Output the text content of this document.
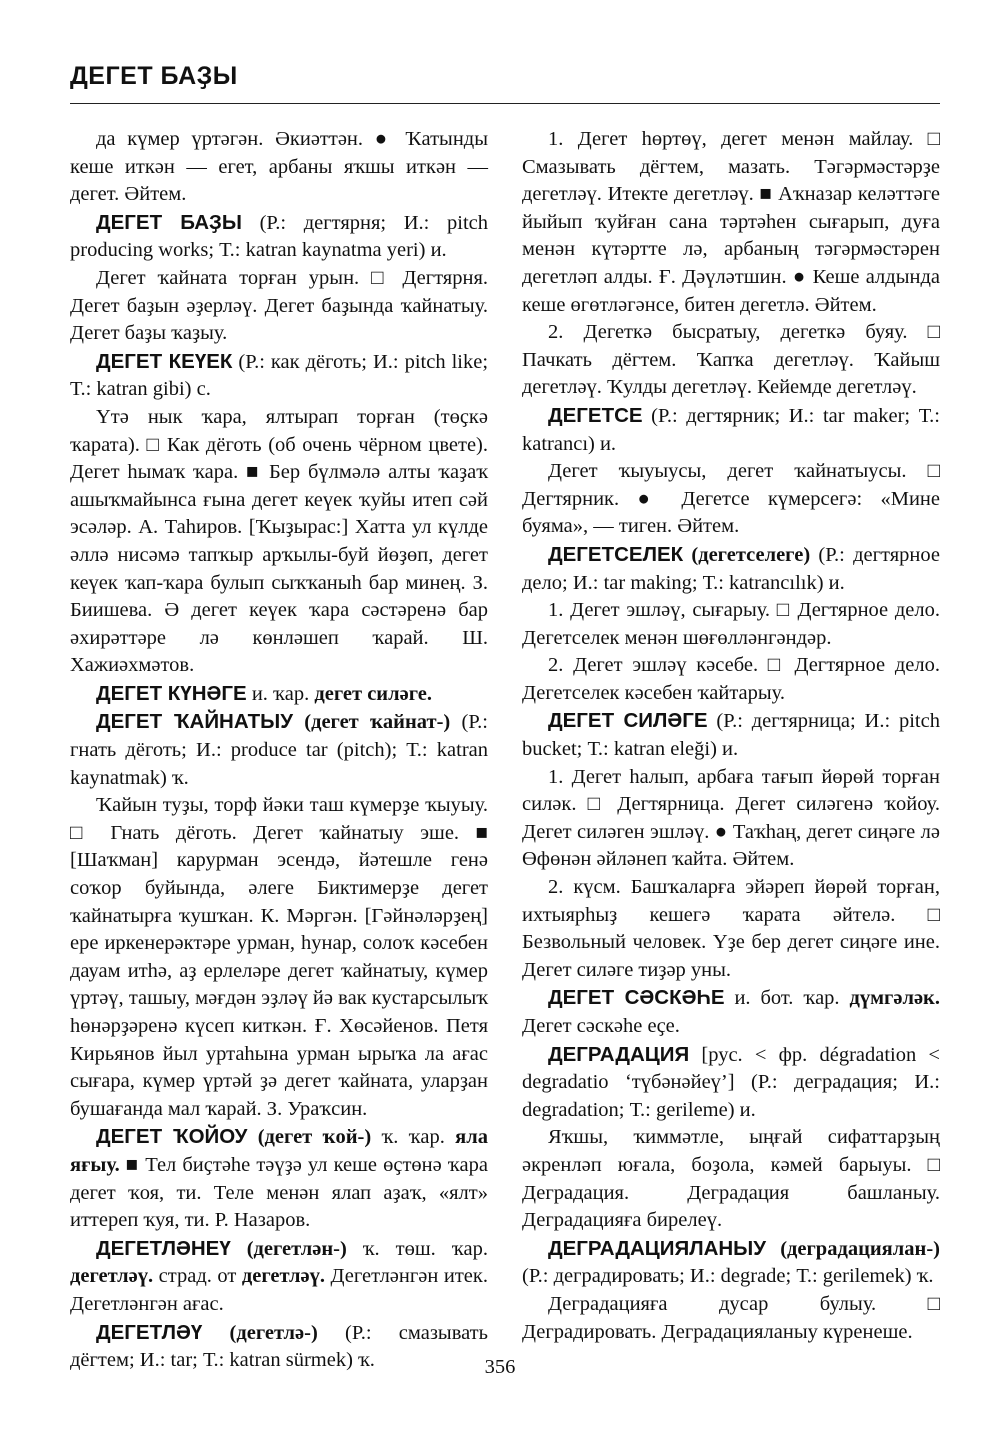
ДЕГЕТ БАҘЫ

да күмер үртәгән. Әкиәттән. ● Ҡатынды кеше иткән — егет, арбаны яҡшы иткән — дегет. Әйтем.

ДЕГЕТ БАҘЫ (Р.: дегтярня; И.: pitch producing works; Т.: katran kaynatma yeri) и.

Дегет ҡайната торған урын. □ Дегтярня. Дегет баҙын әҙерләү. Дегет баҙында ҡайнатыу. Дегет баҙы ҡаҙыу.

ДЕГЕТ КЕҮЕК (Р.: как дёготь; И.: pitch like; Т.: katran gibi) с.

Үтә нык ҡара, ялтырап торған (төҫкә ҡарата). □ Как дёготь (об очень чёрном цвете). Дегет һымаҡ ҡара. ■ Бер бүлмәлә алты ҡаҙаҡ ашыҡмайынса ғына дегет кеүек ҡуйы итеп сәй эсәләр. А. Таһиров. [Ҡыҙырас:] Хатта ул күлде әллә нисәмә тапҡыр арҡылы-буй йөҙөп, дегет кеүек ҡап-ҡара булып сыҡҡаныһ бар минең. З. Биишева. Ә дегет кеүек ҡара сәстәренә бар әхирәттәре лә көнләшеп ҡарай. Ш. Хажиәхмәтов.

ДЕГЕТ КҮНӘГЕ и. ҡар. дегет силәге.

ДЕГЕТ ҠАЙНАТЫУ (дегет ҡайнат-) (Р.: гнать дёготь; И.: produce tar (pitch); Т.: katran kaynatmak) ҡ.

Ҡайын туҙы, торф йәки таш күмерҙе ҡыуыу. □ Гнать дёготь. Дегет ҡайнатыу эше. ■ [Шаҡман] карурман эсендә, йәтешле генә соҡор буйында, әлеге Биктимерҙе дегет ҡайнатырға ҡушҡан. К. Мәргән. [Гәйнәләрҙең] ере иркенерәктәре урман, һунар, солоҡ кәсебен дауам итһә, аҙ ерлеләре дегет ҡайнатыу, күмер үртәү, ташыу, мәғдән эҙләү йә вак кустарсылыҡ һөнәрҙәренә күсеп киткән. Ғ. Хөсәйенов. Петя Кирьянов йыл уртаһына урман ырыҡа ла ағас сығара, күмер үртәй ҙә дегет ҡайната, уларҙан бушағанда мал ҡарай. З. Ураҡсин.

ДЕГЕТ ҠОЙОУ (дегет ҡой-) ҡ. ҡар. яла яғыу. ■ Тел биҫтәһе тәүҙә ул кеше өҫтөнә ҡара дегет ҡоя, ти. Теле менән ялап аҙаҡ, «ялт» иттереп ҡуя, ти. Р. Назаров.

ДЕГЕТЛӘНЕҮ (дегетлән-) ҡ. төш. ҡар. дегетләү. страд. от дегетләү. Дегетләнгән итек. Дегетләнгән ағас.

ДЕГЕТЛӘҮ (дегетлә-) (Р.: смазывать дёгтем; И.: tar; Т.: katran sürmek) ҡ.

1. Дегет һөртөү, дегет менән майлау. □ Смазывать дёгтем, мазать. Тәгәрмәстәрҙе дегетләү. Итекте дегетләү. ■ Аҡназар келәттәге йыйып ҡуйған сана тәртәһен сығарып, дуға менән күтәртте лә, арбаның тәгәрмәстәрен дегетләп алды. Ғ. Дәүләтшин. ● Кеше алдында кеше өгөтләгәнсе, битен дегетлә. Әйтем.

2. Дегеткә бысратыу, дегеткә буяу. □ Пачкать дёгтем. Ҡапҡа дегетләү. Ҡайыш дегетләү. Ҡулды дегетләү. Кейемде дегетләү.

ДЕГЕТСЕ (Р.: дегтярник; И.: tar maker; Т.: katrancı) и.

Дегет ҡыуыусы, дегет ҡайнатыусы. □ Дегтярник. ● Дегетсе күмерсегә: «Мине буяма», — тиген. Әйтем.

ДЕГЕТСЕЛЕК (дегетселеге) (Р.: дегтярное дело; И.: tar making; Т.: katrancılık) и.

1. Дегет эшләү, сығарыу. □ Дегтярное дело. Дегетселек менән шөғөлләнгәндәр.

2. Дегет эшләү кәсебе. □ Дегтярное дело. Дегетселек кәсебен ҡайтарыу.

ДЕГЕТ СИЛӘГЕ (Р.: дегтярница; И.: pitch bucket; Т.: katran eleği) и.

1. Дегет һалып, арбаға тағып йөрөй торған силәк. □ Дегтярница. Дегет силәгенә ҡойоу. Дегет силәген эшләү. ● Таҡһаң, дегет сиңәге лә Өфөнән әйләнеп ҡайта. Әйтем.

2. күсм. Башҡаларға эйәреп йөрөй торған, ихтыярһыҙ кешегә ҡарата әйтелә. □ Безвольный человек. Үҙе бер дегет сиңәге ине. Дегет силәге тиҙәр уны.

ДЕГЕТ СӘСКӘҺЕ и. бот. ҡар. дүмгәләк. Дегет сәскәһе еҫе.

ДЕГРАДАЦИЯ [рус. < фр. dégradation < degradatio ‘түбәнәйеү’] (Р.: деградация; И.: degradation; Т.: gerileme) и.

Яҡшы, ҡиммәтле, ыңғай сифаттарҙың әкренләп юғала, боҙола, кәмей барыуы. □ Деградация. Деградация башланыу. Деградацияға бирелеү.

ДЕГРАДАЦИЯЛАНЫУ (деградациялан-) (Р.: деградировать; И.: degrade; Т.: gerilemek) ҡ.

Деградацияға дусар булыу. □ Деградировать. Деградацияланыу күренеше.

356
